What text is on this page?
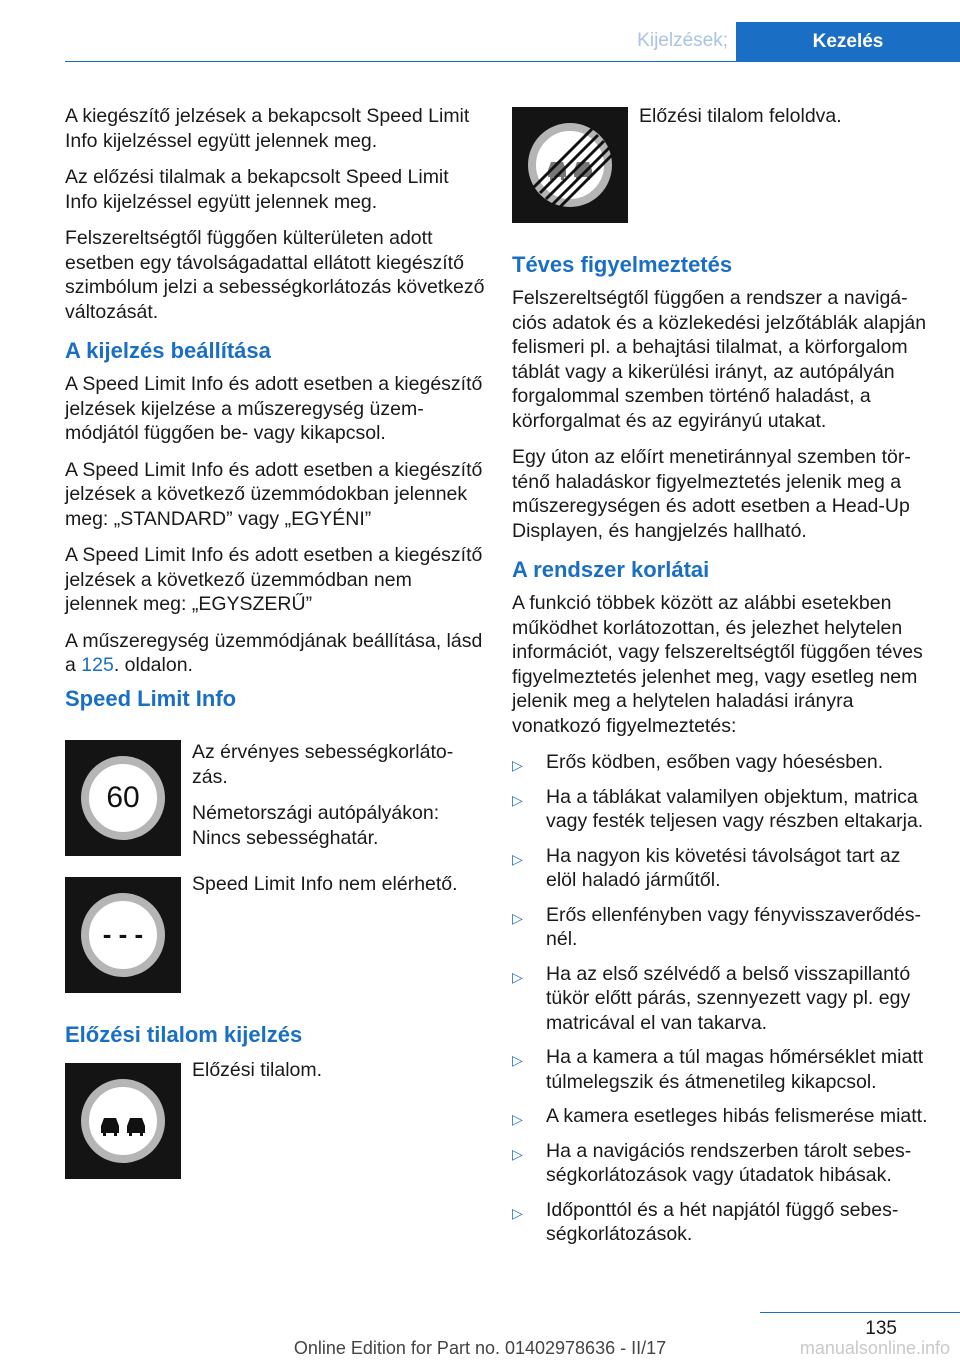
Kijelzések;	Kezelés

A kiegészítő jelzések a bekapcsolt Speed Limit Info kijelzéssel együtt jelennek meg.

Az előzési tilalmak a bekapcsolt Speed Limit Info kijelzéssel együtt jelennek meg.

Felszereltségtől függően külterületen adott esetben egy távolságadattal ellátott kiegészítő szimbólum jelzi a sebességkorlátozás következő változását.

A kijelzés beállítása

A Speed Limit Info és adott esetben a kiegészítő jelzések kijelzése a műszeregység üzemmódjától függően be- vagy kikapcsol.

A Speed Limit Info és adott esetben a kiegészítő jelzések a következő üzemmódokban jelennek meg: „STANDARD” vagy „EGYÉNI”

A Speed Limit Info és adott esetben a kiegészítő jelzések a következő üzemmódban nem jelennek meg: „EGYSZERŰ”

A műszeregység üzemmódjának beállítása, lásd a 125. oldalon.

Speed Limit Info
60

Az érvényes sebességkorlátozás.

Németországi autópályákon: Nincs sebességhatár.

- - -

Speed Limit Info nem elérhető.

Előzési tilalom kijelzés

Előzési tilalom.

Előzési tilalom feloldva.

Téves figyelmeztetés

Felszereltségtől függően a rendszer a navigációs adatok és a közlekedési jelzőtáblák alapján felismeri pl. a behajtási tilalmat, a körforgalom táblát vagy a kikerülési irányt, az autópályán forgalommal szemben történő haladást, a körforgalmat és az egyirányú utakat.

Egy úton az előírt menetiránnyal szemben történő haladáskor figyelmeztetés jelenik meg a műszeregységen és adott esetben a Head-Up Displayen, és hangjelzés hallható.

A rendszer korlátai

A funkció többek között az alábbi esetekben működhet korlátozottan, és jelezhet helytelen információt, vagy felszereltségtől függően téves figyelmeztetés jelenhet meg, vagy esetleg nem jelenik meg a helytelen haladási irányra vonatkozó figyelmeztetés:

▷ Erős ködben, esőben vagy hóesésben.
▷ Ha a táblákat valamilyen objektum, matrica vagy festék teljesen vagy részben eltakarja.
▷ Ha nagyon kis követési távolságot tart az elöl haladó járműtől.
▷ Erős ellenfényben vagy fényvisszaverődésnél.
▷ Ha az első szélvédő a belső visszapillantó tükör előtt párás, szennyezett vagy pl. egy matricával el van takarva.
▷ Ha a kamera a túl magas hőmérséklet miatt túlmelegszik és átmenetileg kikapcsol.
▷ A kamera esetleges hibás felismerése miatt.
▷ Ha a navigációs rendszerben tárolt sebességkorlátozások vagy útadatok hibásak.
▷ Időponttól és a hét napjától függő sebességkorlátozások.
135
Online Edition for Part no. 01402978636 - II/17	manualsonline.info
